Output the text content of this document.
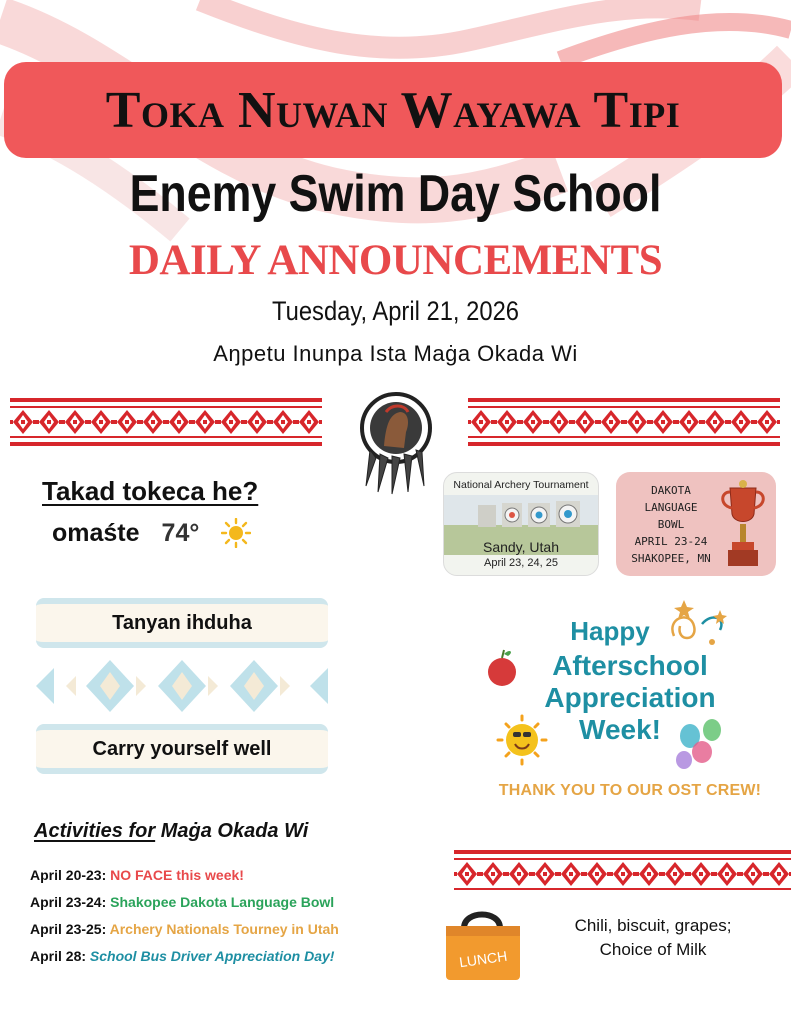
Toka Nuwan Wayawa Tipi
Enemy Swim Day School
DAILY ANNOUNCEMENTS
Tuesday, April 21, 2026
Aŋpetu Inunpa Ista Maġa Okada Wi
Takad tokeca he?
omaśte 74°
National Archery Tournament
Sandy, Utah
April 23, 24, 25
DAKOTA LANGUAGE
BOWL
APRIL 23-24
SHAKOPEE, MN
Tanyan ihduha
Carry yourself well
Happy
Afterschool
Appreciation
Week!
THANK YOU TO OUR OST CREW!
Activities for Maġa Okada Wi
April 20-23: NO FACE this week!
April 23-24: Shakopee Dakota Language Bowl
April 23-25: Archery Nationals Tourney in Utah
April 28: School Bus Driver Appreciation Day!	LUNCH
Chili, biscuit, grapes;
Choice of Milk
